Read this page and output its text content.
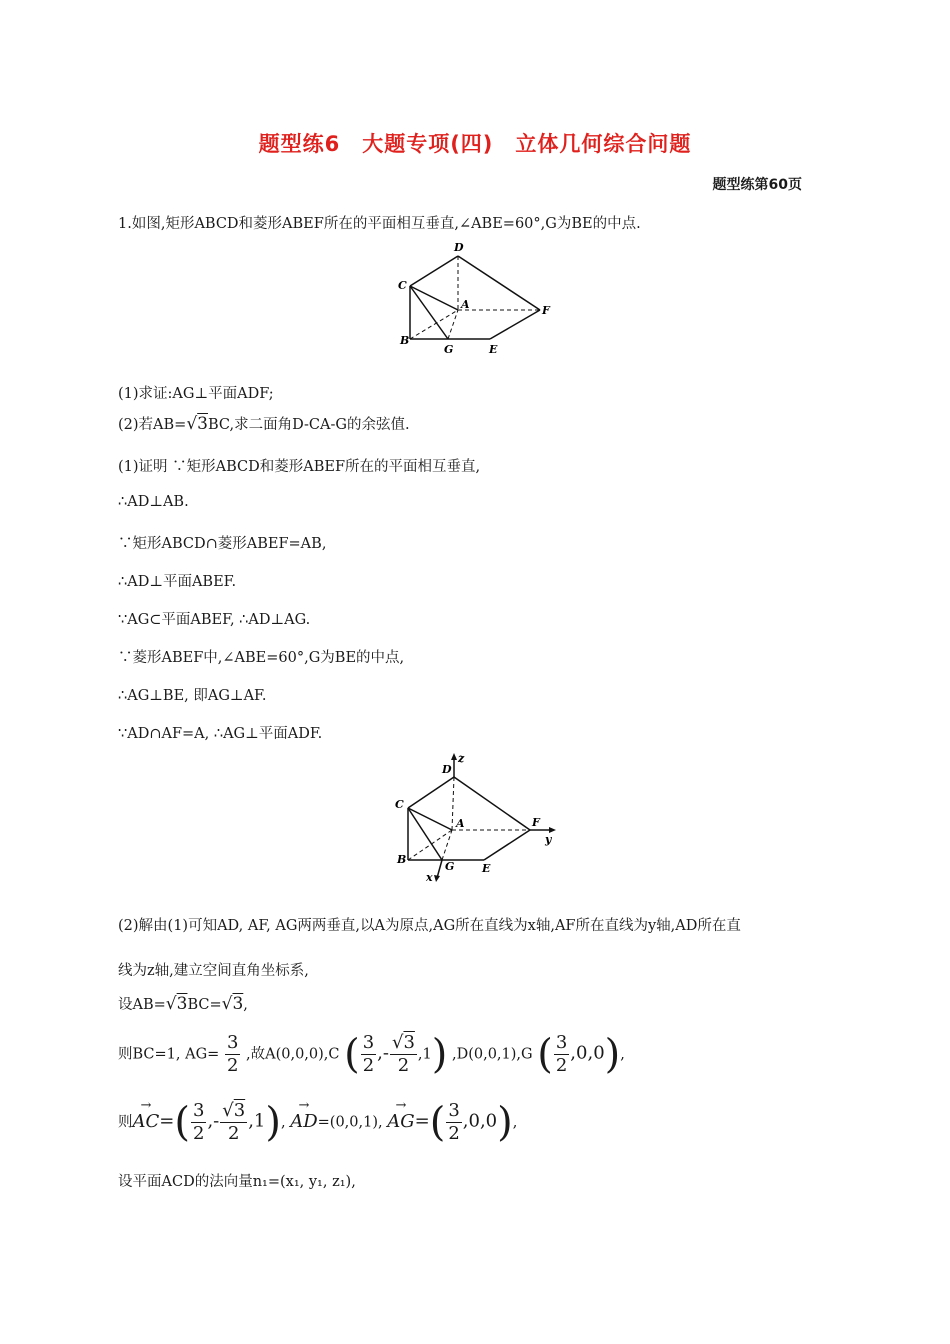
题型练6　大题专项(四)　立体几何综合问题
题型练第60页
1.如图,矩形ABCD和菱形ABEF所在的平面相互垂直,∠ABE=60°,G为BE的中点.
D
C
A	F
B
G	E
(1)求证:AG⊥平面ADF;
(2)若AB=√3BC,求二面角D-CA-G的余弦值.
(1)证明 ∵矩形ABCD和菱形ABEF所在的平面相互垂直,
∴AD⊥AB.
∵矩形ABCD∩菱形ABEF=AB,
∴AD⊥平面ABEF.
∵AG⊂平面ABEF, ∴AD⊥AG.
∵菱形ABEF中,∠ABE=60°,G为BE的中点,
∴AG⊥BE, 即AG⊥AF.
∵AD∩AF=A, ∴AG⊥平面ADF.
z
D
C
A	F
y
B
G	E
x
(2)解由(1)可知AD, AF, AG两两垂直,以A为原点,AG所在直线为x轴,AF所在直线为y轴,AD所在直
线为z轴,建立空间直角坐标系,
设AB=√3BC=√3,
则BC=1, $AG= \frac{3}{2}$ ,故A(0,0,0),C ( $\frac{3}{2}$ ,- $\frac{√3}{2} ,1$) ,D(0,0,1),G ( $\frac{3}{2} ,0,0$),
则→ $AC=( \frac{3}{2}$ ,- $\frac{√3}{2} ,1$), → AD=(0,0,1), → $AG=( \frac{3}{2} ,0,0)$,
设平面ACD的法向量n₁=(x₁, y₁, z₁),
